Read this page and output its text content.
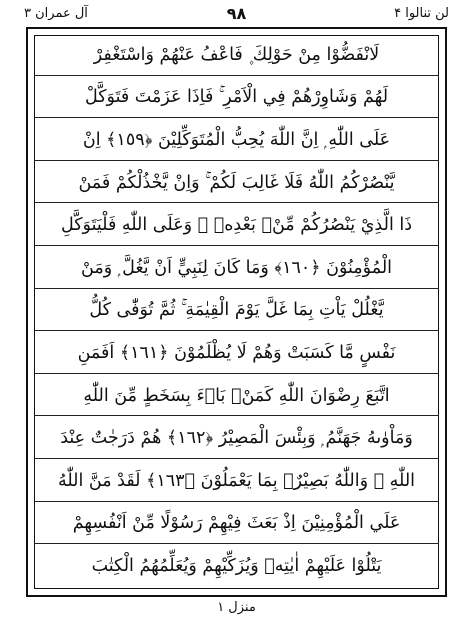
آل عمران ۳	۹۸	لن تنالوا ۴
لَانْفَضُّوْا مِنْ حَوْلِكَ ۪ فَاعْفُ عَنْهُمْ وَاسْتَغْفِرْ
لَهُمْ وَشَاوِرْهُمْ فِي الْاَمْرِ ۚ فَاِذَا عَزَمْتَ فَتَوَكَّلْ
عَلَى اللّٰهِ ۭ اِنَّ اللّٰهَ يُحِبُّ الْمُتَوَكِّلِيْنَ ﴿١٥٩﴾ اِنْ
يَّنْصُرْكُمُ اللّٰهُ فَلَا غَالِبَ لَكُمْ ۚ وَاِنْ يَّخْذُلْكُمْ فَمَنْ
ذَا الَّذِيْ يَنْصُرُكُمْ مِّنْۢ بَعْدِهٖ ۭ وَعَلَى اللّٰهِ فَلْيَتَوَكَّلِ
الْمُؤْمِنُوْنَ ﴿١٦٠﴾ وَمَا كَانَ لِنَبِيٍّ اَنْ يَّغُلَّ ۭ وَمَنْ
يَّغْلُلْ يَاْتِ بِمَا غَلَّ يَوْمَ الْقِيٰمَةِ ۚ ثُمَّ تُوَفّٰى كُلُّ
نَفْسٍ مَّا كَسَبَتْ وَھُمْ لَا يُظْلَمُوْنَ ﴿١٦١﴾ اَفَمَنِ
اتَّبَعَ رِضْوَانَ اللّٰهِ كَمَنْۢ بَاۗءَ بِسَخَطٍ مِّنَ اللّٰهِ
وَمَاْوٰىهُ جَهَنَّمُ ۭ وَبِئْسَ الْمَصِيْرُ ﴿١٦٢﴾ ھُمْ دَرَجٰتٌ عِنْدَ
اللّٰهِ ۭ وَاللّٰهُ بَصِيْرٌۢ بِمَا يَعْمَلُوْنَ ﴿١٦٣﴾ لَقَدْ مَنَّ اللّٰهُ
عَلَي الْمُؤْمِنِيْنَ اِذْ بَعَثَ فِيْهِمْ رَسُوْلًا مِّنْ اَنْفُسِهِمْ
يَتْلُوْا عَلَيْهِمْ اٰيٰتِهٖ وَيُزَكِّيْهِمْ وَيُعَلِّمُهُمُ الْكِتٰبَ
منزل ۱
